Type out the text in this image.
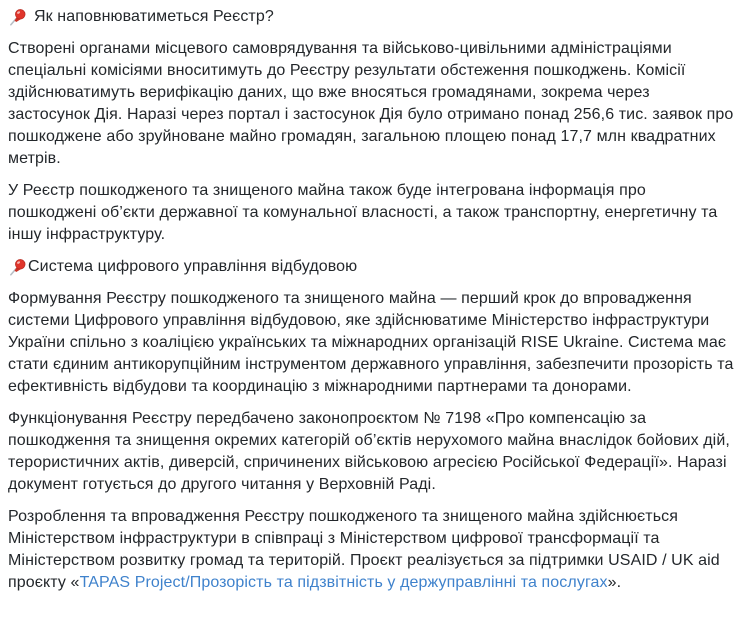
Як наповнюватиметься Реєстр?

Створені органами місцевого самоврядування та військово-цивільними адміністраціями спеціальні комісіями вноситимуть до Реєстру результати обстеження пошкоджень. Комісії здійснюватимуть верифікацію даних, що вже вносяться громадянами, зокрема через застосунок Дія. Наразі через портал і застосунок Дія було отримано понад 256,6 тис. заявок про пошкоджене або зруйноване майно громадян, загальною площею понад 17,7 млн квадратних метрів.

У Реєстр пошкодженого та знищеного майна також буде інтегрована інформація про пошкоджені об’єкти державної та комунальної власності, а також транспортну, енергетичну та іншу інфраструктуру.

Система цифрового управління відбудовою

Формування Реєстру пошкодженого та знищеного майна — перший крок до впровадження системи Цифрового управління відбудовою, яке здійснюватиме Міністерство інфраструктури України спільно з коаліцією українських та міжнародних організацій RISE Ukraine. Система має стати єдиним антикорупційним інструментом державного управління, забезпечити прозорість та ефективність відбудови та координацію з міжнародними партнерами та донорами.

Функціонування Реєстру передбачено законопроєктом № 7198 «Про компенсацію за пошкодження та знищення окремих категорій об’єктів нерухомого майна внаслідок бойових дій, терористичних актів, диверсій, спричинених військовою агресією Російської Федерації». Наразі документ готується до другого читання у Верховній Раді.

Розроблення та впровадження Реєстру пошкодженого та знищеного майна здійснюється Міністерством інфраструктури в співпраці з Міністерством цифрової трансформації та Міністерством розвитку громад та територій. Проєкт реалізується за підтримки USAID / UK aid проєкту «TAPAS Project/Прозорість та підзвітність у держуправлінні та послугах».
